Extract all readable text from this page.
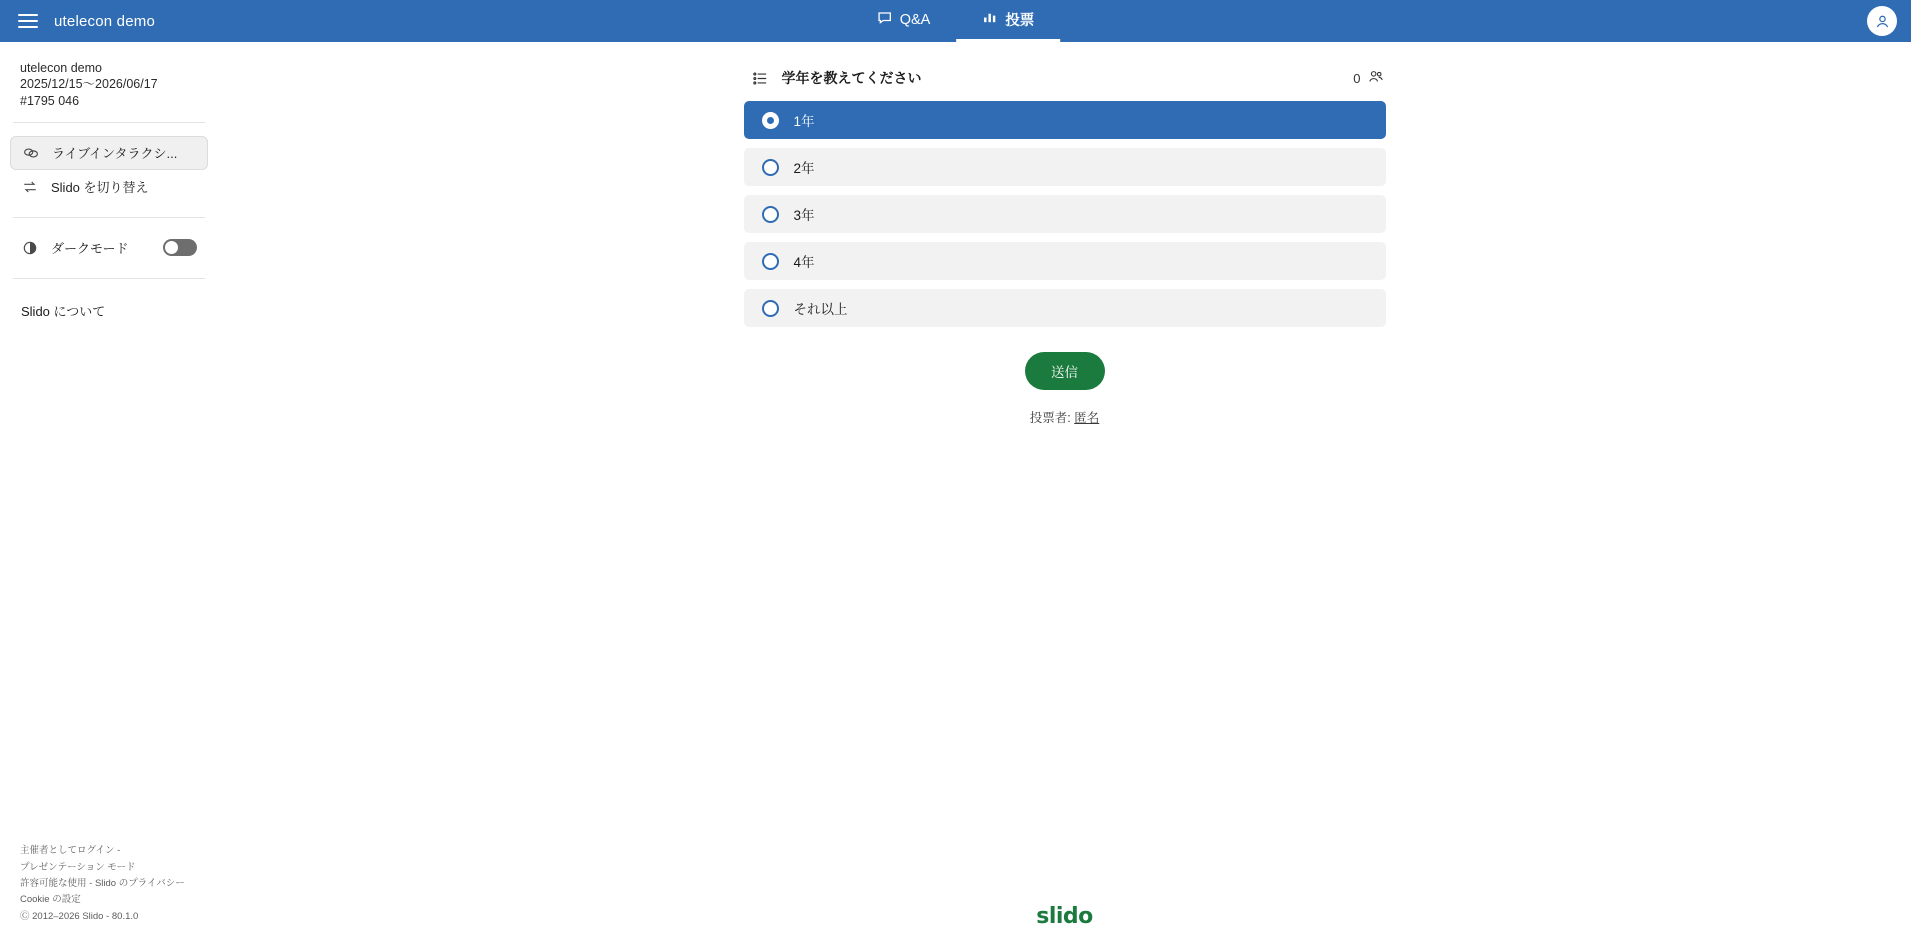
utelecon demo	Q&A	投票
utelecon demo
2025/12/15〜2026/06/17
#1795 046
ライブインタラクシ...
Slido を切り替え
ダークモード
Slido について
主催者としてログイン -
プレゼンテーション モード
許容可能な使用 - Slido のプライバシー
Cookie の設定
Ⓒ 2012–2026 Slido - 80.1.0
学年を教えてください	0
1年
2年
3年
4年
それ以上
送信
投票者: 匿名
slido
